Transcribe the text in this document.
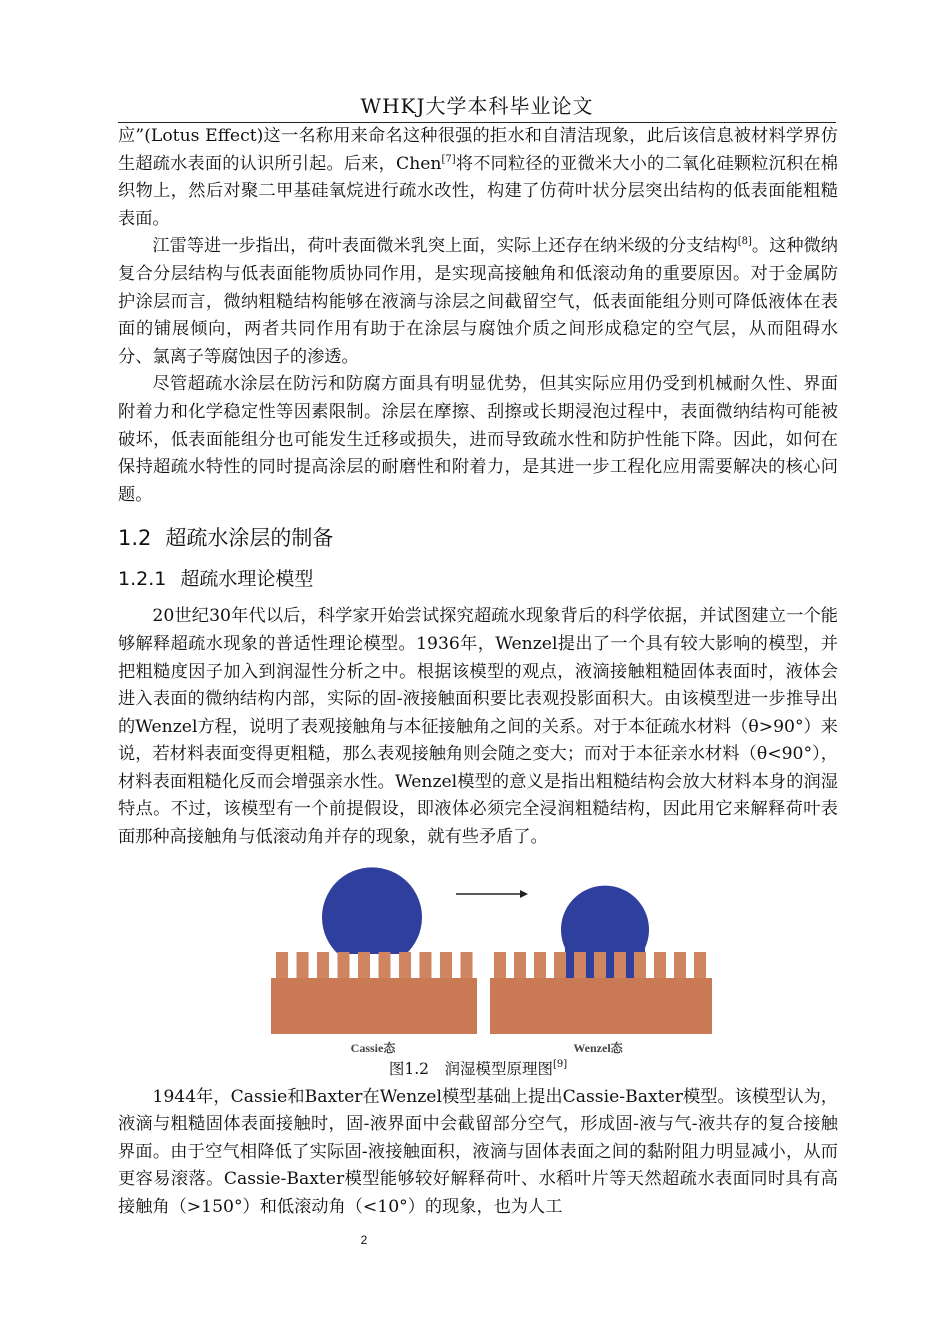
WHKJ大学本科毕业论文

应”(Lotus Effect)这一名称用来命名这种很强的拒水和自清洁现象，此后该信息被材料学界仿生超疏水表面的认识所引起。后来，Chen[7]将不同粒径的亚微米大小的二氧化硅颗粒沉积在棉织物上，然后对聚二甲基硅氧烷进行疏水改性，构建了仿荷叶状分层突出结构的低表面能粗糙表面。

江雷等进一步指出，荷叶表面微米乳突上面，实际上还存在纳米级的分支结构[8]。这种微纳复合分层结构与低表面能物质协同作用，是实现高接触角和低滚动角的重要原因。对于金属防护涂层而言，微纳粗糙结构能够在液滴与涂层之间截留空气，低表面能组分则可降低液体在表面的铺展倾向，两者共同作用有助于在涂层与腐蚀介质之间形成稳定的空气层，从而阻碍水分、氯离子等腐蚀因子的渗透。

尽管超疏水涂层在防污和防腐方面具有明显优势，但其实际应用仍受到机械耐久性、界面附着力和化学稳定性等因素限制。涂层在摩擦、刮擦或长期浸泡过程中，表面微纳结构可能被破坏，低表面能组分也可能发生迁移或损失，进而导致疏水性和防护性能下降。因此，如何在保持超疏水特性的同时提高涂层的耐磨性和附着力，是其进一步工程化应用需要解决的核心问题。

1.2 超疏水涂层的制备
1.2.1 超疏水理论模型

20世纪30年代以后，科学家开始尝试探究超疏水现象背后的科学依据，并试图建立一个能够解释超疏水现象的普适性理论模型。1936年，Wenzel提出了一个具有较大影响的模型，并把粗糙度因子加入到润湿性分析之中。根据该模型的观点，液滴接触粗糙固体表面时，液体会进入表面的微纳结构内部，实际的固-液接触面积要比表观投影面积大。由该模型进一步推导出的Wenzel方程，说明了表观接触角与本征接触角之间的关系。对于本征疏水材料（θ>90°）来说，若材料表面变得更粗糙，那么表观接触角则会随之变大；而对于本征亲水材料（θ<90°），材料表面粗糙化反而会增强亲水性。Wenzel模型的意义是指出粗糙结构会放大材料本身的润湿特点。不过，该模型有一个前提假设，即液体必须完全浸润粗糙结构，因此用它来解释荷叶表面那种高接触角与低滚动角并存的现象，就有些矛盾了。

Cassie态	Wenzel态

图1.2　润湿模型原理图[9]

1944年，Cassie和Baxter在Wenzel模型基础上提出Cassie-Baxter模型。该模型认为，液滴与粗糙固体表面接触时，固-液界面中会截留部分空气，形成固-液与气-液共存的复合接触界面。由于空气相降低了实际固-液接触面积，液滴与固体表面之间的黏附阻力明显减小，从而更容易滚落。Cassie-Baxter模型能够较好解释荷叶、水稻叶片等天然超疏水表面同时具有高接触角（>150°）和低滚动角（<10°）的现象，也为人工

2
